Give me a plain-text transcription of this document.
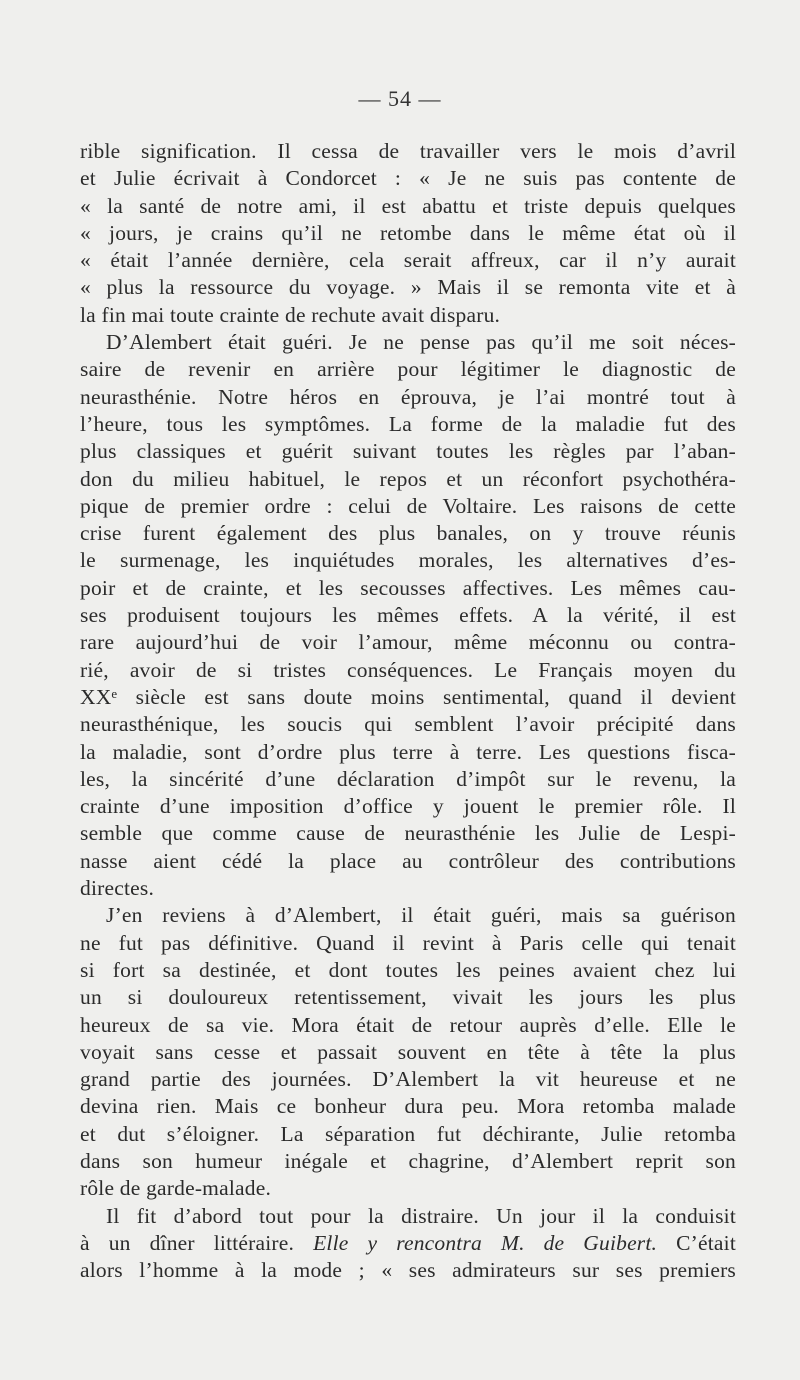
— 54 —
rible signification. Il cessa de travailler vers le mois d’avril
et Julie écrivait à Condorcet : « Je ne suis pas contente de
« la santé de notre ami, il est abattu et triste depuis quelques
« jours, je crains qu’il ne retombe dans le même état où il
« était l’année dernière, cela serait affreux, car il n’y aurait
« plus la ressource du voyage. » Mais il se remonta vite et à
la fin mai toute crainte de rechute avait disparu.
D’Alembert était guéri. Je ne pense pas qu’il me soit néces-
saire de revenir en arrière pour légitimer le diagnostic de
neurasthénie. Notre héros en éprouva, je l’ai montré tout à
l’heure, tous les symptômes. La forme de la maladie fut des
plus classiques et guérit suivant toutes les règles par l’aban-
don du milieu habituel, le repos et un réconfort psychothéra-
pique de premier ordre : celui de Voltaire. Les raisons de cette
crise furent également des plus banales, on y trouve réunis
le surmenage, les inquiétudes morales, les alternatives d’es-
poir et de crainte, et les secousses affectives. Les mêmes cau-
ses produisent toujours les mêmes effets. A la vérité, il est
rare aujourd’hui de voir l’amour, même méconnu ou contra-
rié, avoir de si tristes conséquences. Le Français moyen du
XXᵉ siècle est sans doute moins sentimental, quand il devient
neurasthénique, les soucis qui semblent l’avoir précipité dans
la maladie, sont d’ordre plus terre à terre. Les questions fisca-
les, la sincérité d’une déclaration d’impôt sur le revenu, la
crainte d’une imposition d’office y jouent le premier rôle. Il
semble que comme cause de neurasthénie les Julie de Lespi-
nasse aient cédé la place au contrôleur des contributions
directes.
J’en reviens à d’Alembert, il était guéri, mais sa guérison
ne fut pas définitive. Quand il revint à Paris celle qui tenait
si fort sa destinée, et dont toutes les peines avaient chez lui
un si douloureux retentissement, vivait les jours les plus
heureux de sa vie. Mora était de retour auprès d’elle. Elle le
voyait sans cesse et passait souvent en tête à tête la plus
grand partie des journées. D’Alembert la vit heureuse et ne
devina rien. Mais ce bonheur dura peu. Mora retomba malade
et dut s’éloigner. La séparation fut déchirante, Julie retomba
dans son humeur inégale et chagrine, d’Alembert reprit son
rôle de garde-malade.
Il fit d’abord tout pour la distraire. Un jour il la conduisit
à un dîner littéraire. Elle y rencontra M. de Guibert. C’était
alors l’homme à la mode ; « ses admirateurs sur ses premiers
